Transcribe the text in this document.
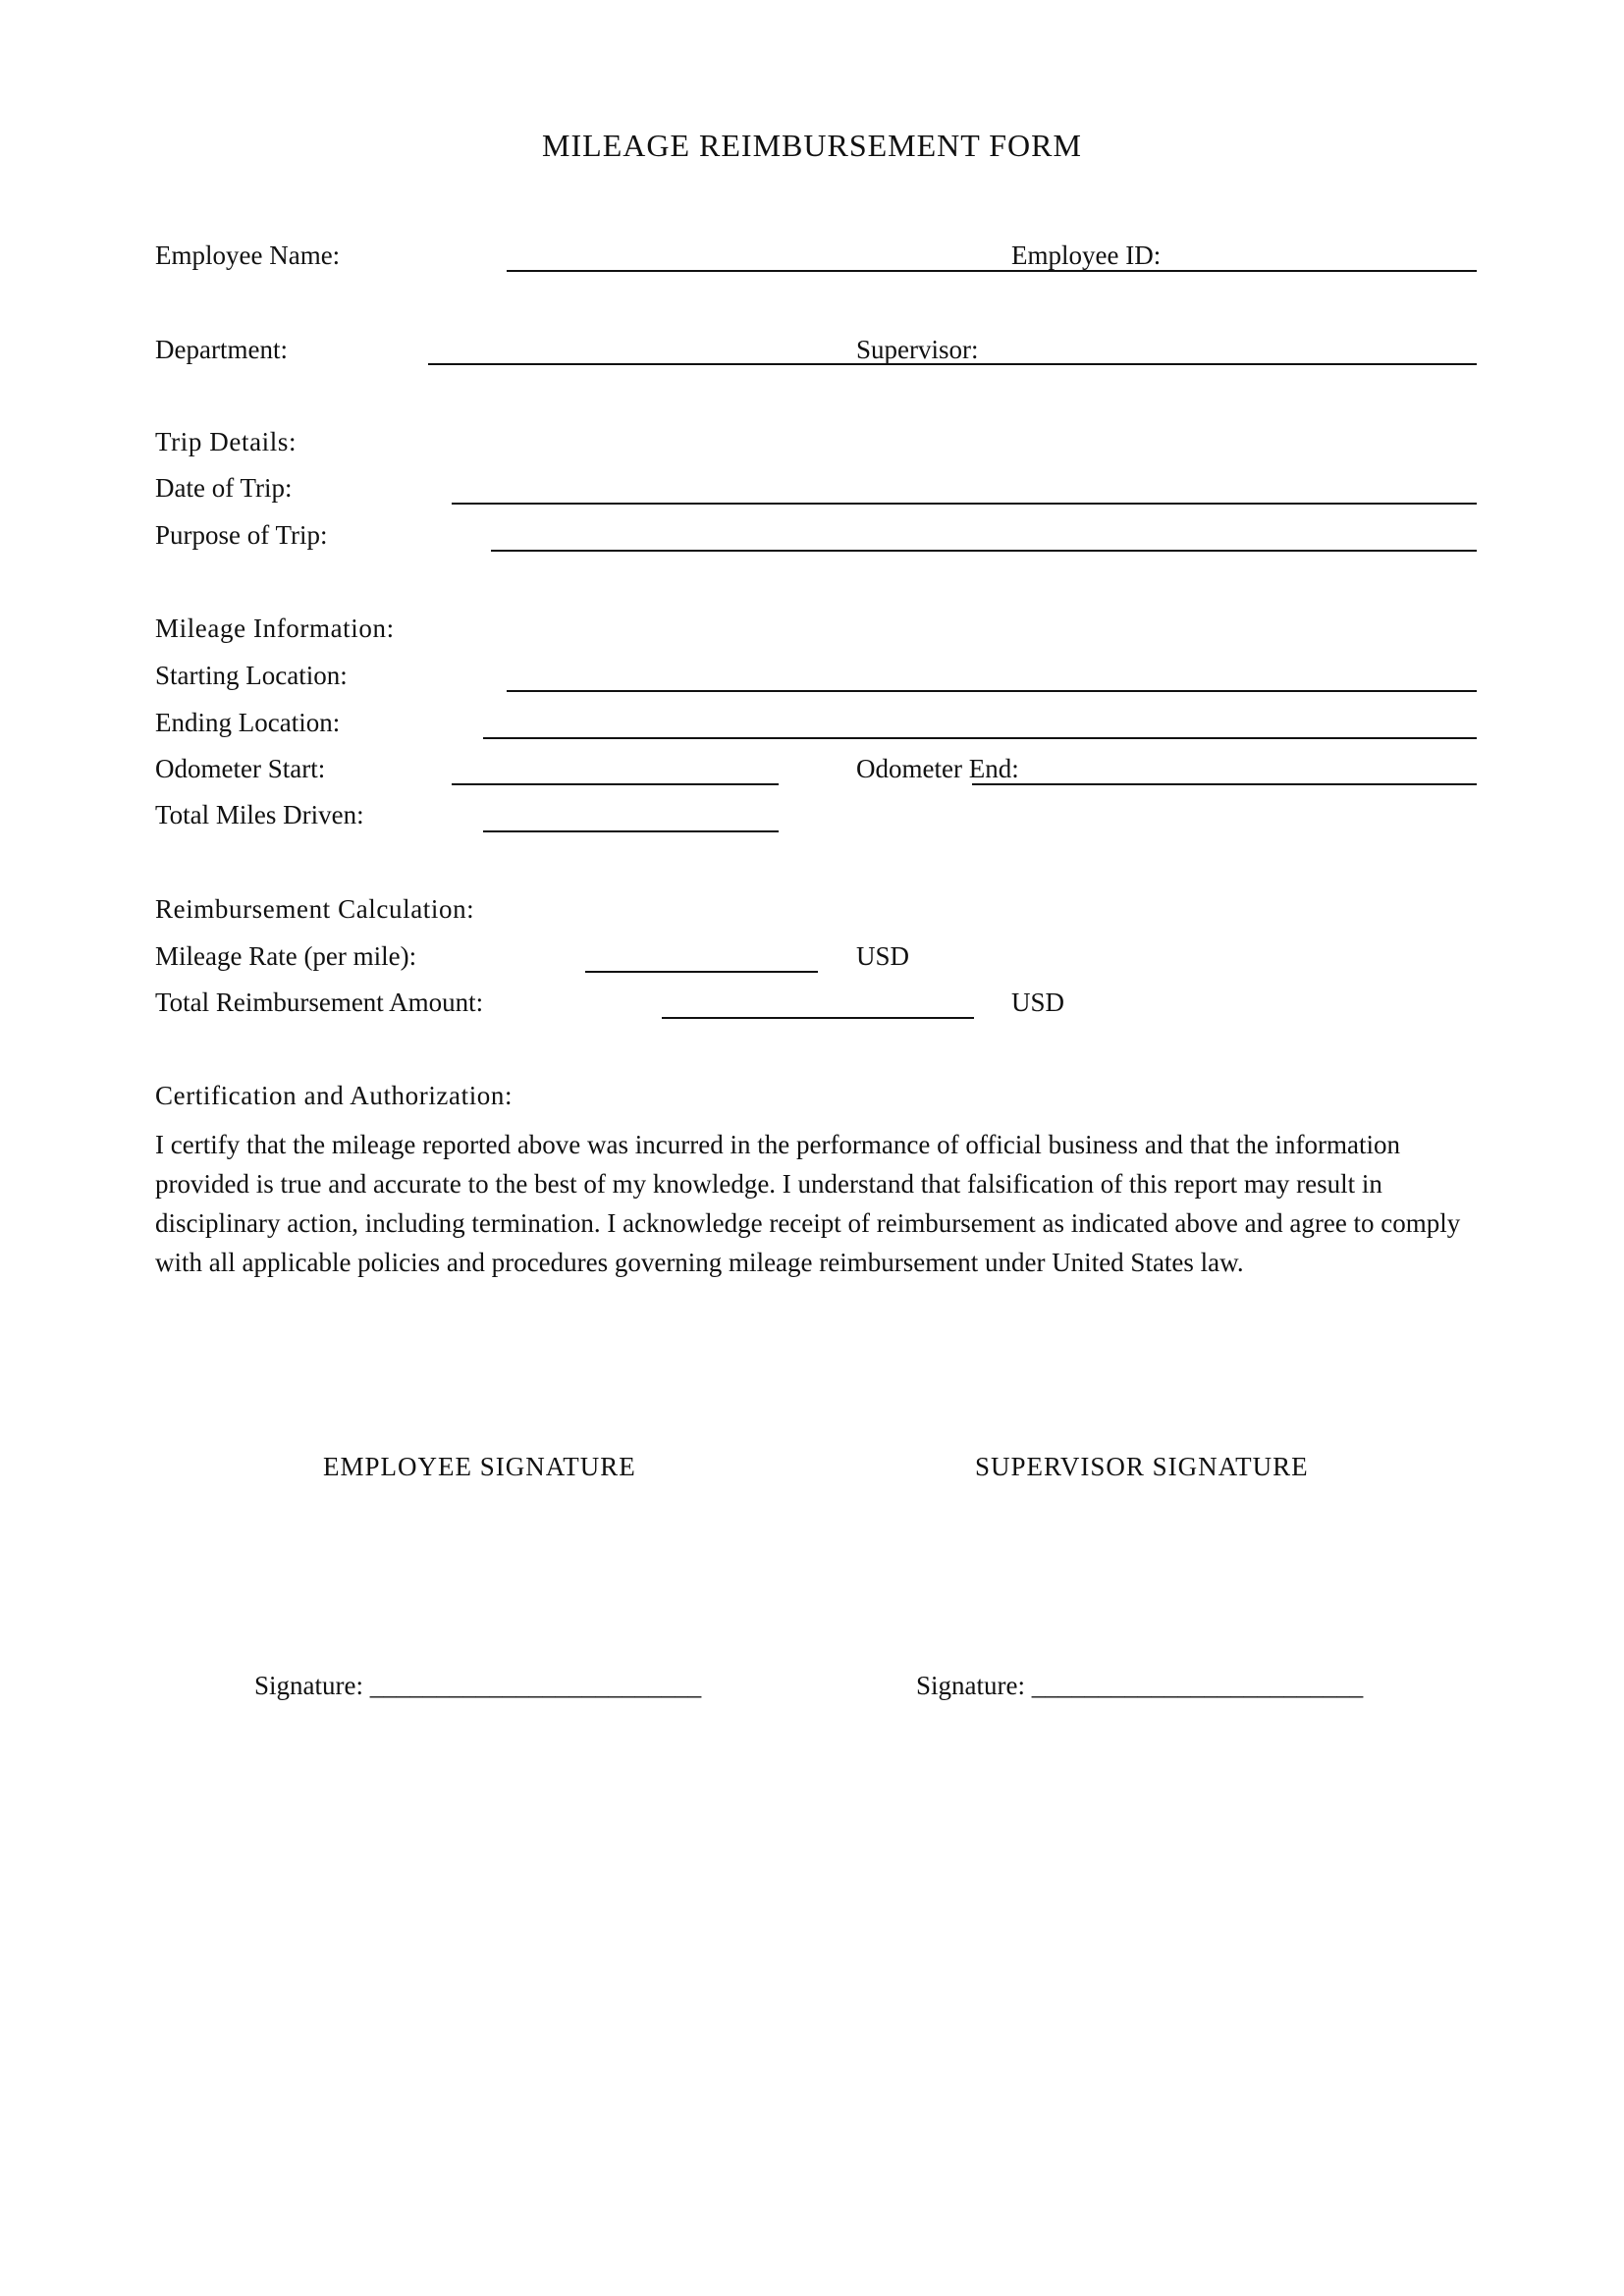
MILEAGE REIMBURSEMENT FORM
Employee Name:	Employee ID:
Department:	Supervisor:
Trip Details:
Date of Trip:
Purpose of Trip:
Mileage Information:
Starting Location:
Ending Location:
Odometer Start:	Odometer End:
Total Miles Driven:
Reimbursement Calculation:
Mileage Rate (per mile):	USD
Total Reimbursement Amount:	USD
Certification and Authorization:
I certify that the mileage reported above was incurred in the performance of official business and that the information provided is true and accurate to the best of my knowledge. I understand that falsification of this report may result in disciplinary action, including termination. I acknowledge receipt of reimbursement as indicated above and agree to comply with all applicable policies and procedures governing mileage reimbursement under United States law.
EMPLOYEE SIGNATURE	SUPERVISOR SIGNATURE
Signature: _________________________	Signature: _________________________
